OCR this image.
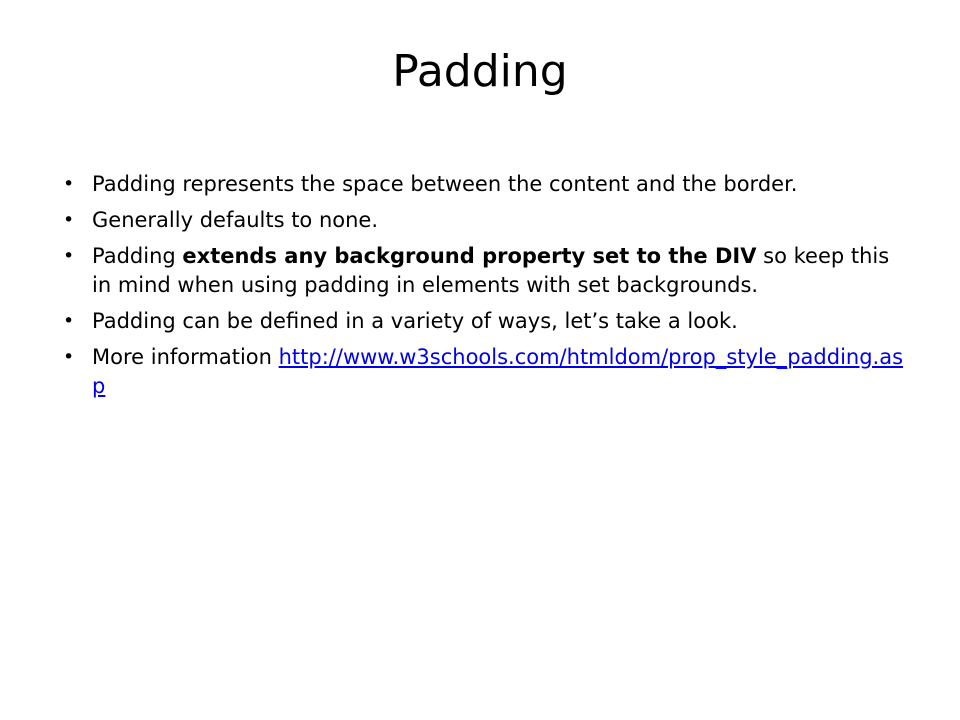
Padding
• Padding represents the space between the content and the border.
• Generally defaults to none.
• Padding extends any background property set to the DIV so keep this in mind when using padding in elements with set backgrounds.
• Padding can be defined in a variety of ways, let’s take a look.
• More information http://www.w3schools.com/htmldom/prop_style_padding.asp
